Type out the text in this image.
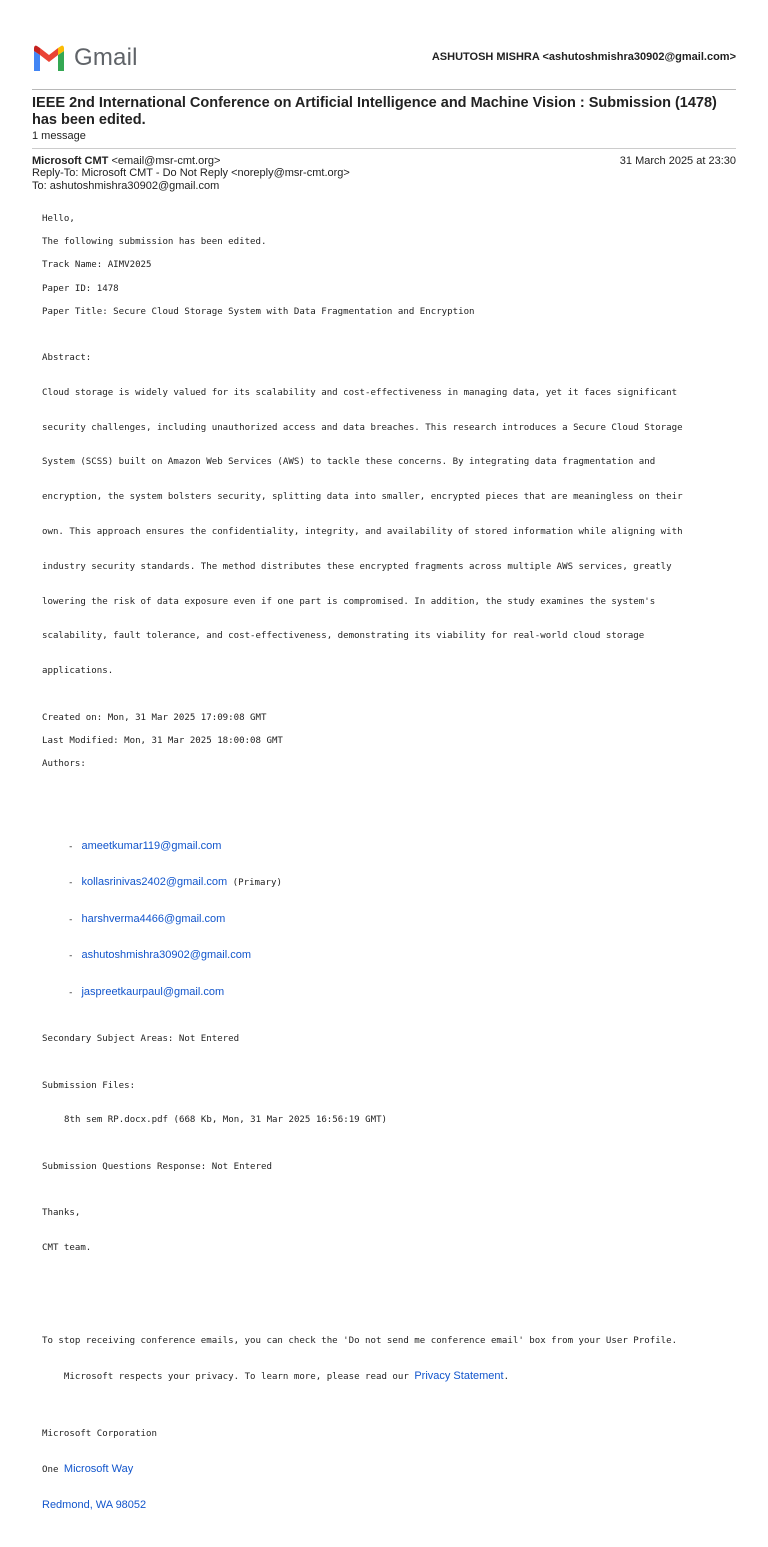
Gmail	ASHUTOSH MISHRA <ashutoshmishra30902@gmail.com>
IEEE 2nd International Conference on Artificial Intelligence and Machine Vision : Submission (1478) has been edited.
1 message
Microsoft CMT <email@msr-cmt.org>
Reply-To: Microsoft CMT - Do Not Reply <noreply@msr-cmt.org>
To: ashutoshmishra30902@gmail.com
31 March 2025 at 23:30
Hello,
The following submission has been edited.
Track Name: AIMV2025
Paper ID: 1478
Paper Title: Secure Cloud Storage System with Data Fragmentation and Encryption

Abstract:

Cloud storage is widely valued for its scalability and cost-effectiveness in managing data, yet it faces significant

security challenges, including unauthorized access and data breaches. This research introduces a Secure Cloud Storage

System (SCSS) built on Amazon Web Services (AWS) to tackle these concerns. By integrating data fragmentation and

encryption, the system bolsters security, splitting data into smaller, encrypted pieces that are meaningless on their

own. This approach ensures the confidentiality, integrity, and availability of stored information while aligning with

industry security standards. The method distributes these encrypted fragments across multiple AWS services, greatly

lowering the risk of data exposure even if one part is compromised. In addition, the study examines the system's

scalability, fault tolerance, and cost-effectiveness, demonstrating its viability for real-world cloud storage

applications.

Created on: Mon, 31 Mar 2025 17:09:08 GMT
Last Modified: Mon, 31 Mar 2025 18:00:08 GMT
Authors:

- ameetkumar119@gmail.com

- kollasrinivas2402@gmail.com (Primary)

- harshverma4466@gmail.com

- ashutoshmishra30902@gmail.com

- jaspreetkaurpaul@gmail.com

Secondary Subject Areas: Not Entered

Submission Files:

8th sem RP.docx.pdf (668 Kb, Mon, 31 Mar 2025 16:56:19 GMT)

Submission Questions Response: Not Entered

Thanks,

CMT team.

To stop receiving conference emails, you can check the 'Do not send me conference email' box from your User Profile.

Microsoft respects your privacy. To learn more, please read our Privacy Statement.

Microsoft Corporation

One Microsoft Way

Redmond, WA 98052
